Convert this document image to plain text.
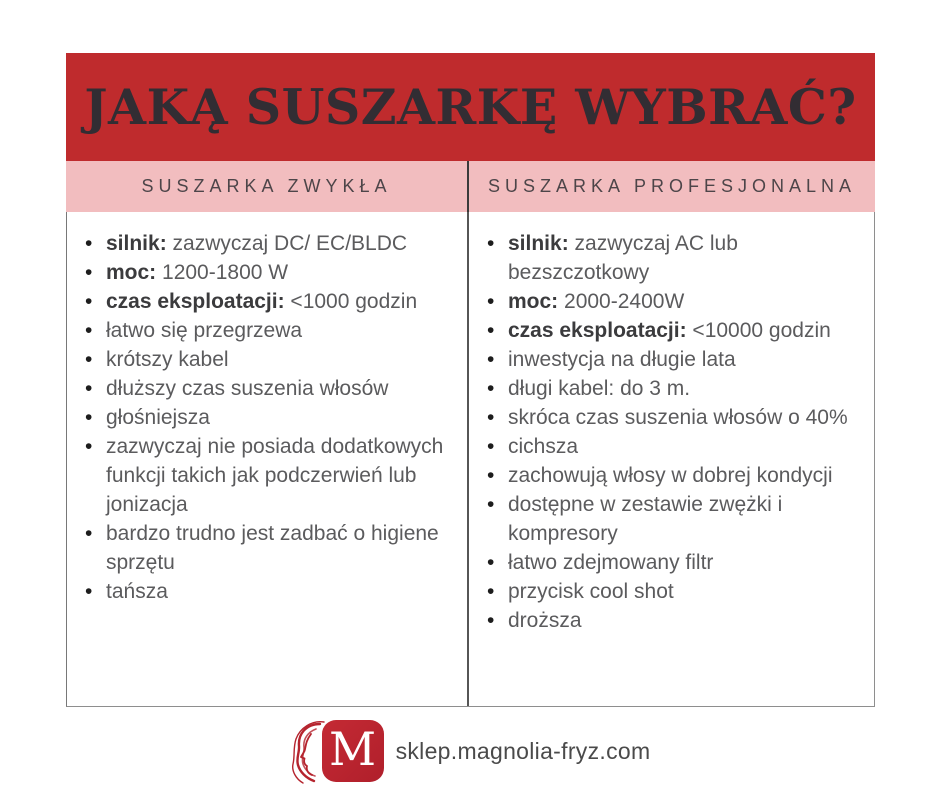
JAKĄ SUSZARKĘ WYBRAĆ?
SUSZARKA ZWYKŁA	SUSZARKA PROFESJONALNA
• silnik: zazwyczaj DC/ EC/BLDC
• moc: 1200-1800 W
• czas eksploatacji: <1000 godzin
• łatwo się przegrzewa
• krótszy kabel
• dłuższy czas suszenia włosów
• głośniejsza
• zazwyczaj nie posiada dodatkowych funkcji takich jak podczerwień lub jonizacja
• bardzo trudno jest zadbać o higiene sprzętu
• tańsza
• silnik: zazwyczaj AC lub bezszczotkowy
• moc: 2000-2400W
• czas eksploatacji: <10000 godzin
• inwestycja na długie lata
• długi kabel: do 3 m.
• skróca czas suszenia włosów o 40%
• cichsza
• zachowują włosy w dobrej kondycji
• dostępne w zestawie zwężki i kompresory
• łatwo zdejmowany filtr
• przycisk cool shot
• droższa
M sklep.magnolia-fryz.com
